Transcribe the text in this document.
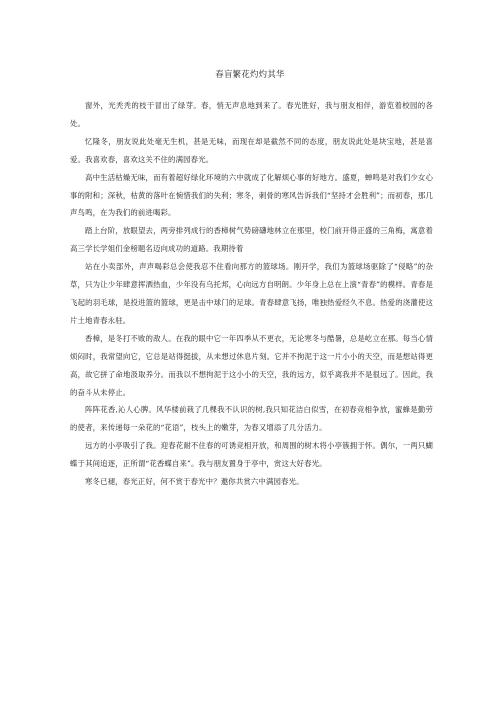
春盲繁花灼灼其华

窗外，光秃秃的枝干冒出了绿芽。春，悄无声息地到来了。春光胜好，我与朋友相伴，游览着校园的各处。

忆隆冬，朋友说此处毫无生机，甚是无味，而现在却是截然不同的态度，朋友说此处是块宝地，甚是喜爱。我喜欢春，喜欢这关不住的满园春光。

高中生活枯燥无味，而有着超好绿化环境的六中就成了化解烦心事的好地方。盛夏，蝉鸣是对我们少女心事的附和；深秋，枯黄的落叶在惋惜我们的失利；寒冬，刺骨的寒风告诉我们“坚持才会胜利”；而初春，那几声鸟鸣，在为我们的前进喝彩。

踏上台阶，放眼望去，两旁排列成行的香樟树气势磅礴地林立在那里，校门前开得正盛的三角梅，寓意着高三学长学姐们金榜题名迈向成功的道路。我期待着

站在小卖部外，声声喝彩总会使我忍不住看向那方的篮球场。刚开学，我们为篮球场驱除了“侵略”的杂草，只为让少年肆意挥洒热血，少年没有乌托邦，心向远方自明朗。少年身上总在上演“青春”的模样。青春是飞起的羽毛球，是投进篮的篮球，更是击中球门的足球。青春肆意飞扬，唯独热爱经久不息。热爱的浇灌使这片土地青春永驻。

香樟，是冬打不败的敌人。在我的眼中它一年四季从不更衣，无论寒冬与酷暑，总是屹立在那。每当心情烦闷时，我常望向它，它总是站得挺拔，从未想过休息片刻。它并不拘泥于这一片小小的天空，而是想站得更高，故它拼了命地汲取养分。而我以不想拘泥于这小小的天空，我的远方，似乎离我并不是很远了。因此，我的奋斗从未停止。

阵阵花香,沁人心脾。风华楼前栽了几棵我不认识的树,我只知花洁白似雪，在初春竞相争放，蜜蜂是勤劳的使者，来传递每一朵花的“花语”，枝头上的嫩芽，为春又增添了几分活力。

远方的小亭吸引了我。迎春花耐不住春的可诱竞相开放，和周围的树木将小亭簇拥于怀。偶尔，一两只蝴蝶于其间追逐，正所谓“花香蝶自来”。我与朋友置身于亭中，赏这大好春光。

寒冬已褪，春光正好，何不赏于春光中？邀你共赏六中满园春光。
